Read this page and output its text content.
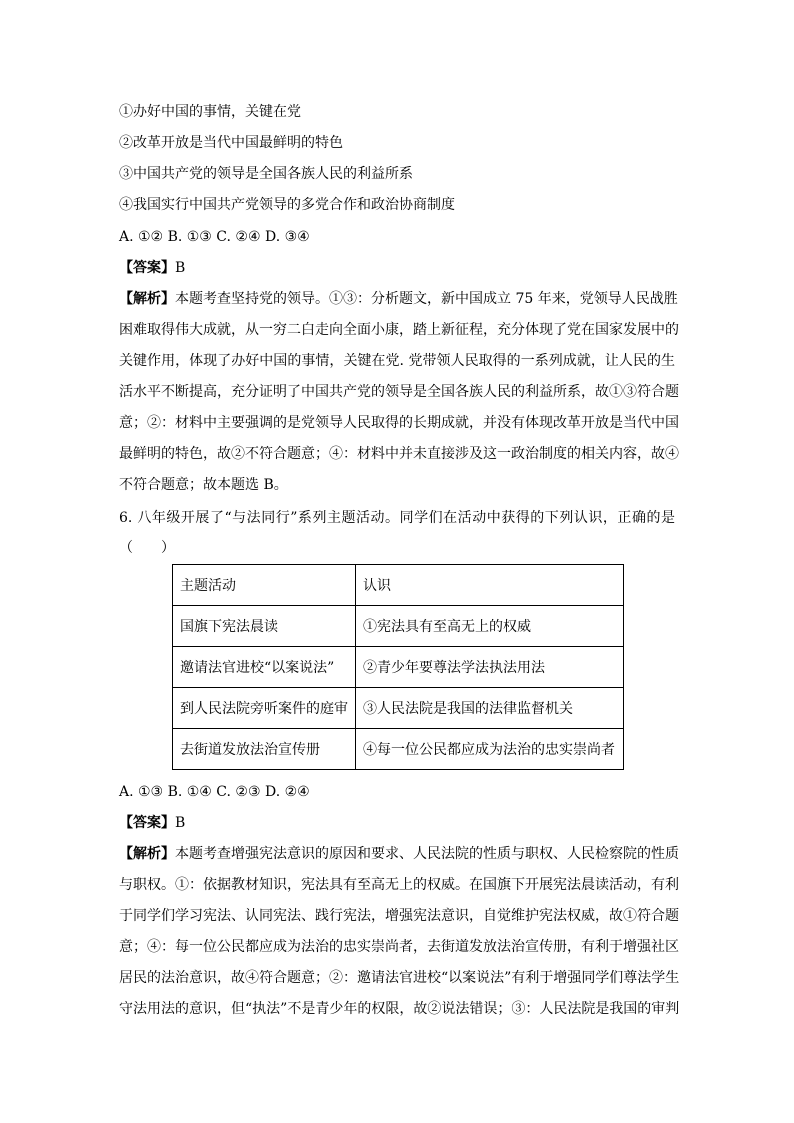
①办好中国的事情，关键在党
②改革开放是当代中国最鲜明的特色
③中国共产党的领导是全国各族人民的利益所系
④我国实行中国共产党领导的多党合作和政治协商制度
A. ①② B. ①③ C. ②④ D. ③④
【答案】B
【解析】本题考查坚持党的领导。①③：分析题文，新中国成立 75 年来，党领导人民战胜
困难取得伟大成就，从一穷二白走向全面小康，踏上新征程，充分体现了党在国家发展中的
关键作用，体现了办好中国的事情，关键在党. 党带领人民取得的一系列成就，让人民的生
活水平不断提高，充分证明了中国共产党的领导是全国各族人民的利益所系，故①③符合题
意；②：材料中主要强调的是党领导人民取得的长期成就，并没有体现改革开放是当代中国
最鲜明的特色，故②不符合题意；④：材料中并未直接涉及这一政治制度的相关内容，故④
不符合题意；故本题选 B。
6. 八年级开展了“与法同行”系列主题活动。同学们在活动中获得的下列认识，正确的是
（　　）
主题活动	认识
国旗下宪法晨读	①宪法具有至高无上的权威
邀请法官进校“以案说法”	②青少年要尊法学法执法用法
到人民法院旁听案件的庭审	③人民法院是我国的法律监督机关
去街道发放法治宣传册	④每一位公民都应成为法治的忠实崇尚者
A. ①③ B. ①④ C. ②③ D. ②④
【答案】B
【解析】本题考查增强宪法意识的原因和要求、人民法院的性质与职权、人民检察院的性质
与职权。①：依据教材知识，宪法具有至高无上的权威。在国旗下开展宪法晨读活动，有利
于同学们学习宪法、认同宪法、践行宪法，增强宪法意识，自觉维护宪法权威，故①符合题
意；④：每一位公民都应成为法治的忠实崇尚者，去街道发放法治宣传册，有利于增强社区
居民的法治意识，故④符合题意；②：邀请法官进校“以案说法”有利于增强同学们尊法学生
守法用法的意识，但“执法”不是青少年的权限，故②说法错误；③：人民法院是我国的审判
